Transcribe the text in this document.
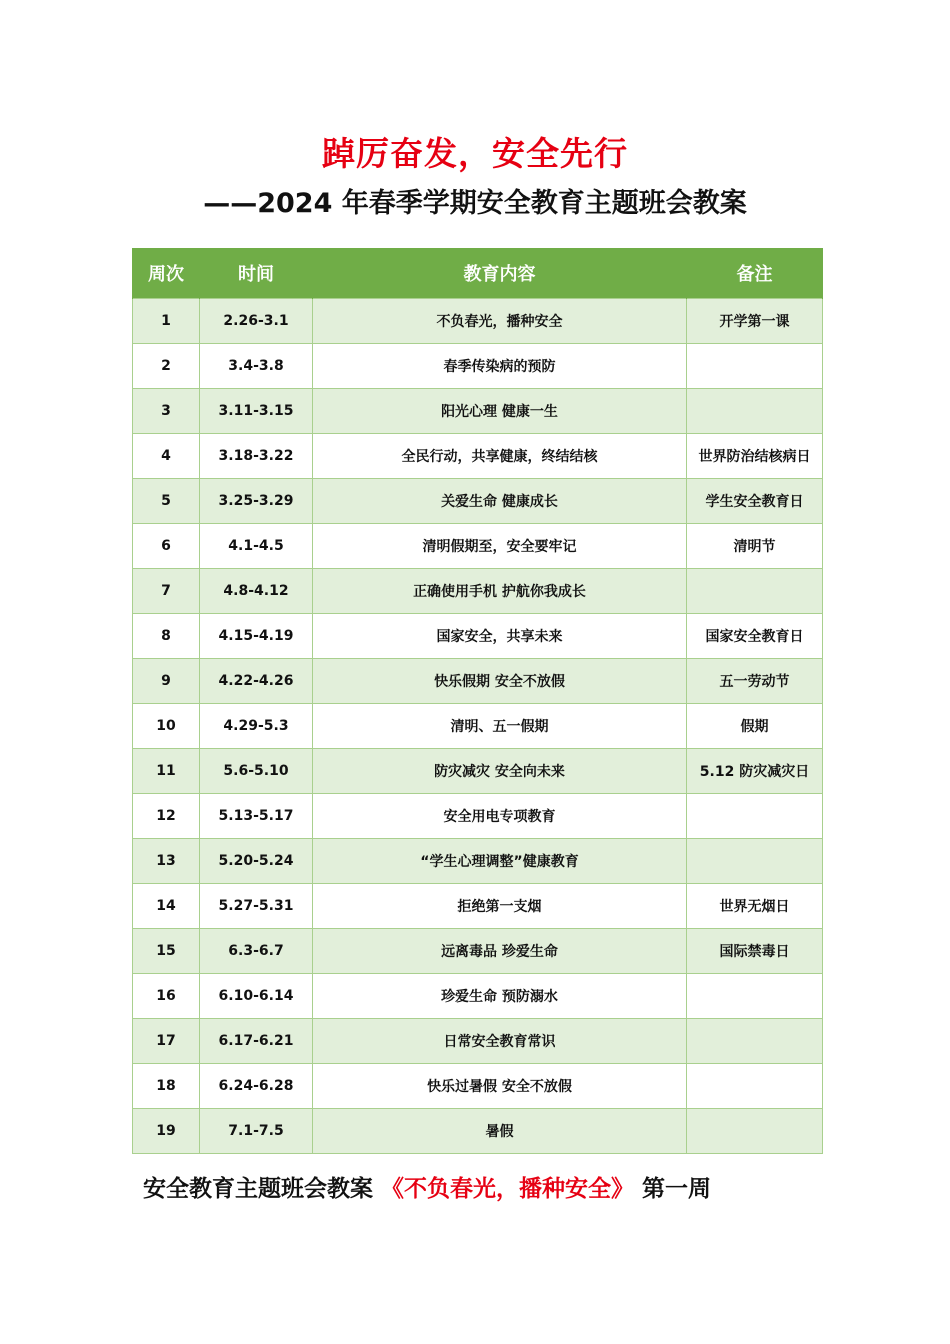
踔厉奋发，安全先行
——2024 年春季学期安全教育主题班会教案
周次	时间	教育内容	备注
1	2.26-3.1	不负春光，播种安全	开学第一课
2	3.4-3.8	春季传染病的预防	
3	3.11-3.15	阳光心理 健康一生	
4	3.18-3.22	全民行动，共享健康，终结结核	世界防治结核病日
5	3.25-3.29	关爱生命 健康成长	学生安全教育日
6	4.1-4.5	清明假期至，安全要牢记	清明节
7	4.8-4.12	正确使用手机 护航你我成长	
8	4.15-4.19	国家安全，共享未来	国家安全教育日
9	4.22-4.26	快乐假期 安全不放假	五一劳动节
10	4.29-5.3	清明、五一假期	假期
11	5.6-5.10	防灾减灾 安全向未来	5.12 防灾减灾日
12	5.13-5.17	安全用电专项教育	
13	5.20-5.24	“学生心理调整”健康教育	
14	5.27-5.31	拒绝第一支烟	世界无烟日
15	6.3-6.7	远离毒品 珍爱生命	国际禁毒日
16	6.10-6.14	珍爱生命 预防溺水	
17	6.17-6.21	日常安全教育常识	
18	6.24-6.28	快乐过暑假 安全不放假	
19	7.1-7.5	暑假	
安全教育主题班会教案 《不负春光，播种安全》 第一周
